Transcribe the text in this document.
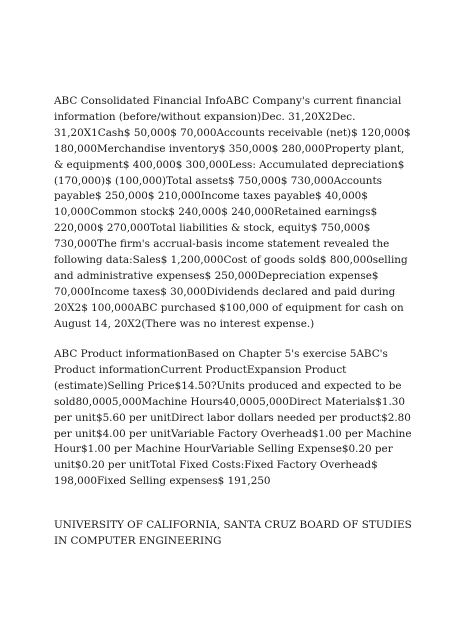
ABC Consolidated Financial InfoABC Company's current financial information (before/without expansion)Dec. 31,20X2Dec. 31,20X1Cash$ 50,000$ 70,000Accounts receivable (net)$ 120,000$ 180,000Merchandise inventory$ 350,000$ 280,000Property plant, & equipment$ 400,000$ 300,000Less: Accumulated depreciation$ (170,000)$ (100,000)Total assets$ 750,000$ 730,000Accounts payable$ 250,000$ 210,000Income taxes payable$ 40,000$ 10,000Common stock$ 240,000$ 240,000Retained earnings$ 220,000$ 270,000Total liabilities & stock, equity$ 750,000$ 730,000The firm's accrual-basis income statement revealed the following data:Sales$ 1,200,000Cost of goods sold$ 800,000selling and administrative expenses$ 250,000Depreciation expense$ 70,000Income taxes$ 30,000Dividends declared and paid during 20X2$ 100,000ABC purchased $100,000 of equipment for cash on August 14, 20X2(There was no interest expense.)

ABC Product informationBased on Chapter 5's exercise 5ABC's Product informationCurrent ProductExpansion Product (estimate)Selling Price$14.50?Units produced and expected to be sold80,0005,000Machine Hours40,0005,000Direct Materials$1.30 per unit$5.60 per unitDirect labor dollars needed per product$2.80 per unit$4.00 per unitVariable Factory Overhead$1.00 per Machine Hour$1.00 per Machine HourVariable Selling Expense$0.20 per unit$0.20 per unitTotal Fixed Costs:Fixed Factory Overhead$ 198,000Fixed Selling expenses$ 191,250

UNIVERSITY OF CALIFORNIA, SANTA CRUZ BOARD OF STUDIES IN COMPUTER ENGINEERING
